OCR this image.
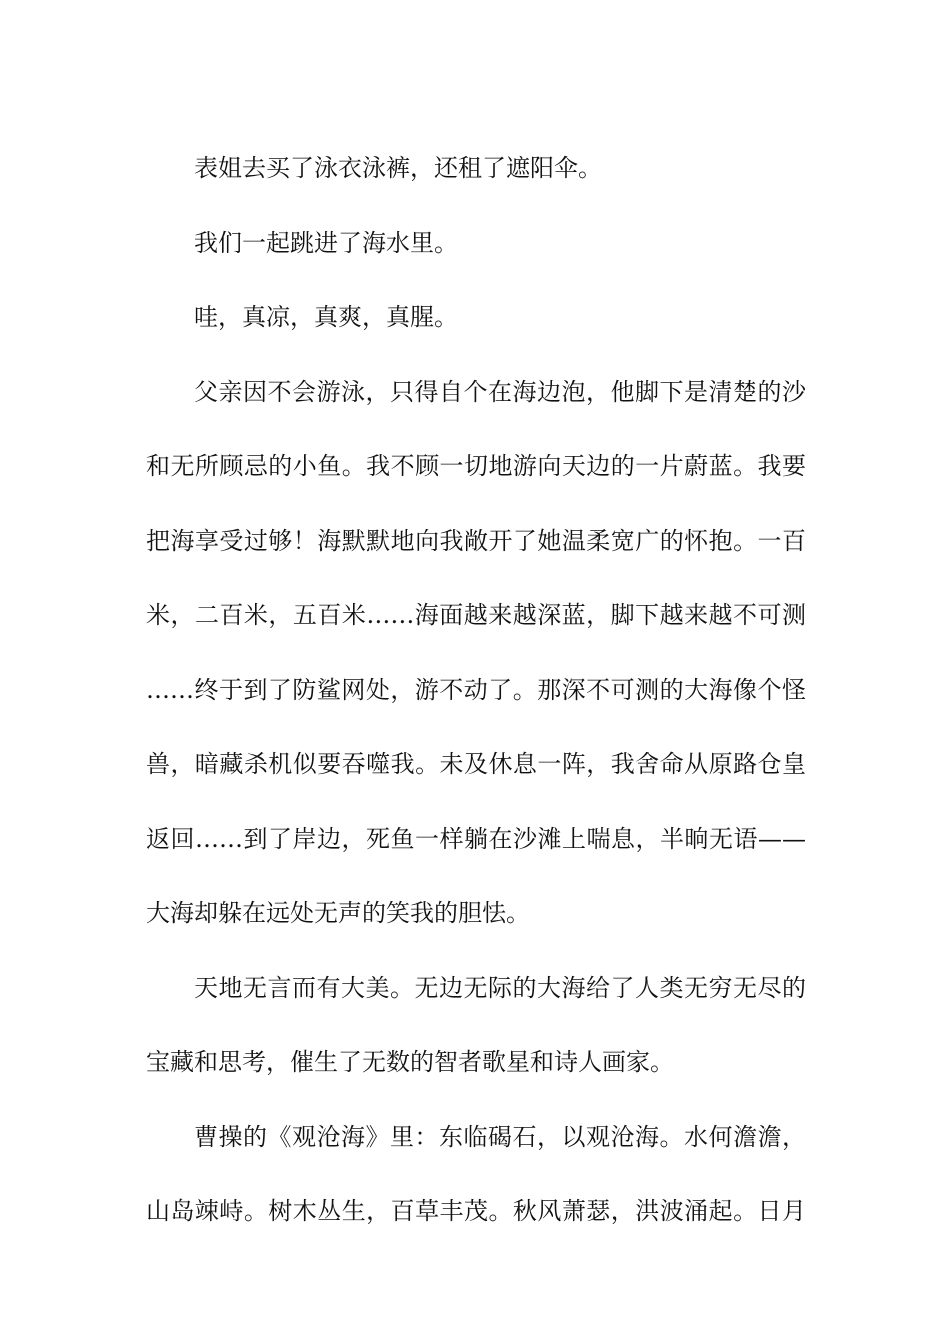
表姐去买了泳衣泳裤，还租了遮阳伞。
我们一起跳进了海水里。
哇，真凉，真爽，真腥。
父亲因不会游泳，只得自个在海边泡，他脚下是清楚的沙
和无所顾忌的小鱼。我不顾一切地游向天边的一片蔚蓝。我要
把海享受过够！海默默地向我敞开了她温柔宽广的怀抱。一百
米，二百米，五百米……海面越来越深蓝，脚下越来越不可测
……终于到了防鲨网处，游不动了。那深不可测的大海像个怪
兽，暗藏杀机似要吞噬我。未及休息一阵，我舍命从原路仓皇
返回……到了岸边，死鱼一样躺在沙滩上喘息，半晌无语——
大海却躲在远处无声的笑我的胆怯。
天地无言而有大美。无边无际的大海给了人类无穷无尽的
宝藏和思考，催生了无数的智者歌星和诗人画家。
曹操的《观沧海》里：东临碣石，以观沧海。水何澹澹，
山岛竦峙。树木丛生，百草丰茂。秋风萧瑟，洪波涌起。日月
